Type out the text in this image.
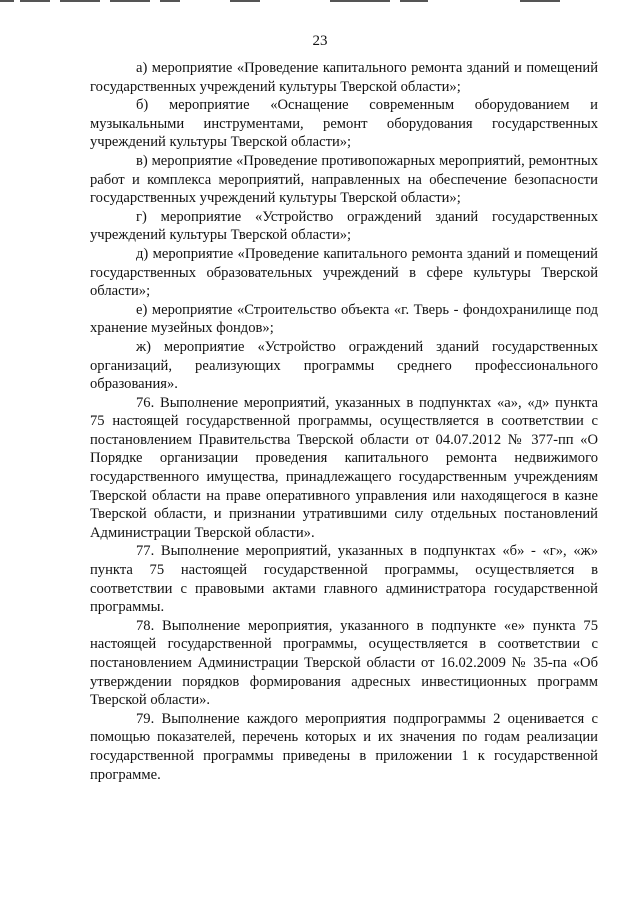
23

а) мероприятие «Проведение капитального ремонта зданий и помещений государственных учреждений культуры Тверской области»;

б) мероприятие «Оснащение современным оборудованием и музыкальными инструментами, ремонт оборудования государственных учреждений культуры Тверской области»;

в) мероприятие «Проведение противопожарных мероприятий, ремонтных работ и комплекса мероприятий, направленных на обеспечение безопасности государственных учреждений культуры Тверской области»;

г) мероприятие «Устройство ограждений зданий государственных учреждений культуры Тверской области»;

д) мероприятие «Проведение капитального ремонта зданий и помещений государственных образовательных учреждений в сфере культуры Тверской области»;

е) мероприятие «Строительство объекта «г. Тверь - фондохранилище под хранение музейных фондов»;

ж) мероприятие «Устройство ограждений зданий государственных организаций, реализующих программы среднего профессионального образования».

76. Выполнение мероприятий, указанных в подпунктах «а», «д» пункта 75 настоящей государственной программы, осуществляется в соответствии с постановлением Правительства Тверской области от 04.07.2012 № 377-пп «О Порядке организации проведения капитального ремонта недвижимого государственного имущества, принадлежащего государственным учреждениям Тверской области на праве оперативного управления или находящегося в казне Тверской области, и признании утратившими силу отдельных постановлений Администрации Тверской области».

77. Выполнение мероприятий, указанных в подпунктах «б» - «г», «ж» пункта 75 настоящей государственной программы, осуществляется в соответствии с правовыми актами главного администратора государственной программы.

78. Выполнение мероприятия, указанного в подпункте «е» пункта 75 настоящей государственной программы, осуществляется в соответствии с постановлением Администрации Тверской области от 16.02.2009 № 35-па «Об утверждении порядков формирования адресных инвестиционных программ Тверской области».

79. Выполнение каждого мероприятия подпрограммы 2 оценивается с помощью показателей, перечень которых и их значения по годам реализации государственной программы приведены в приложении 1 к государственной программе.
